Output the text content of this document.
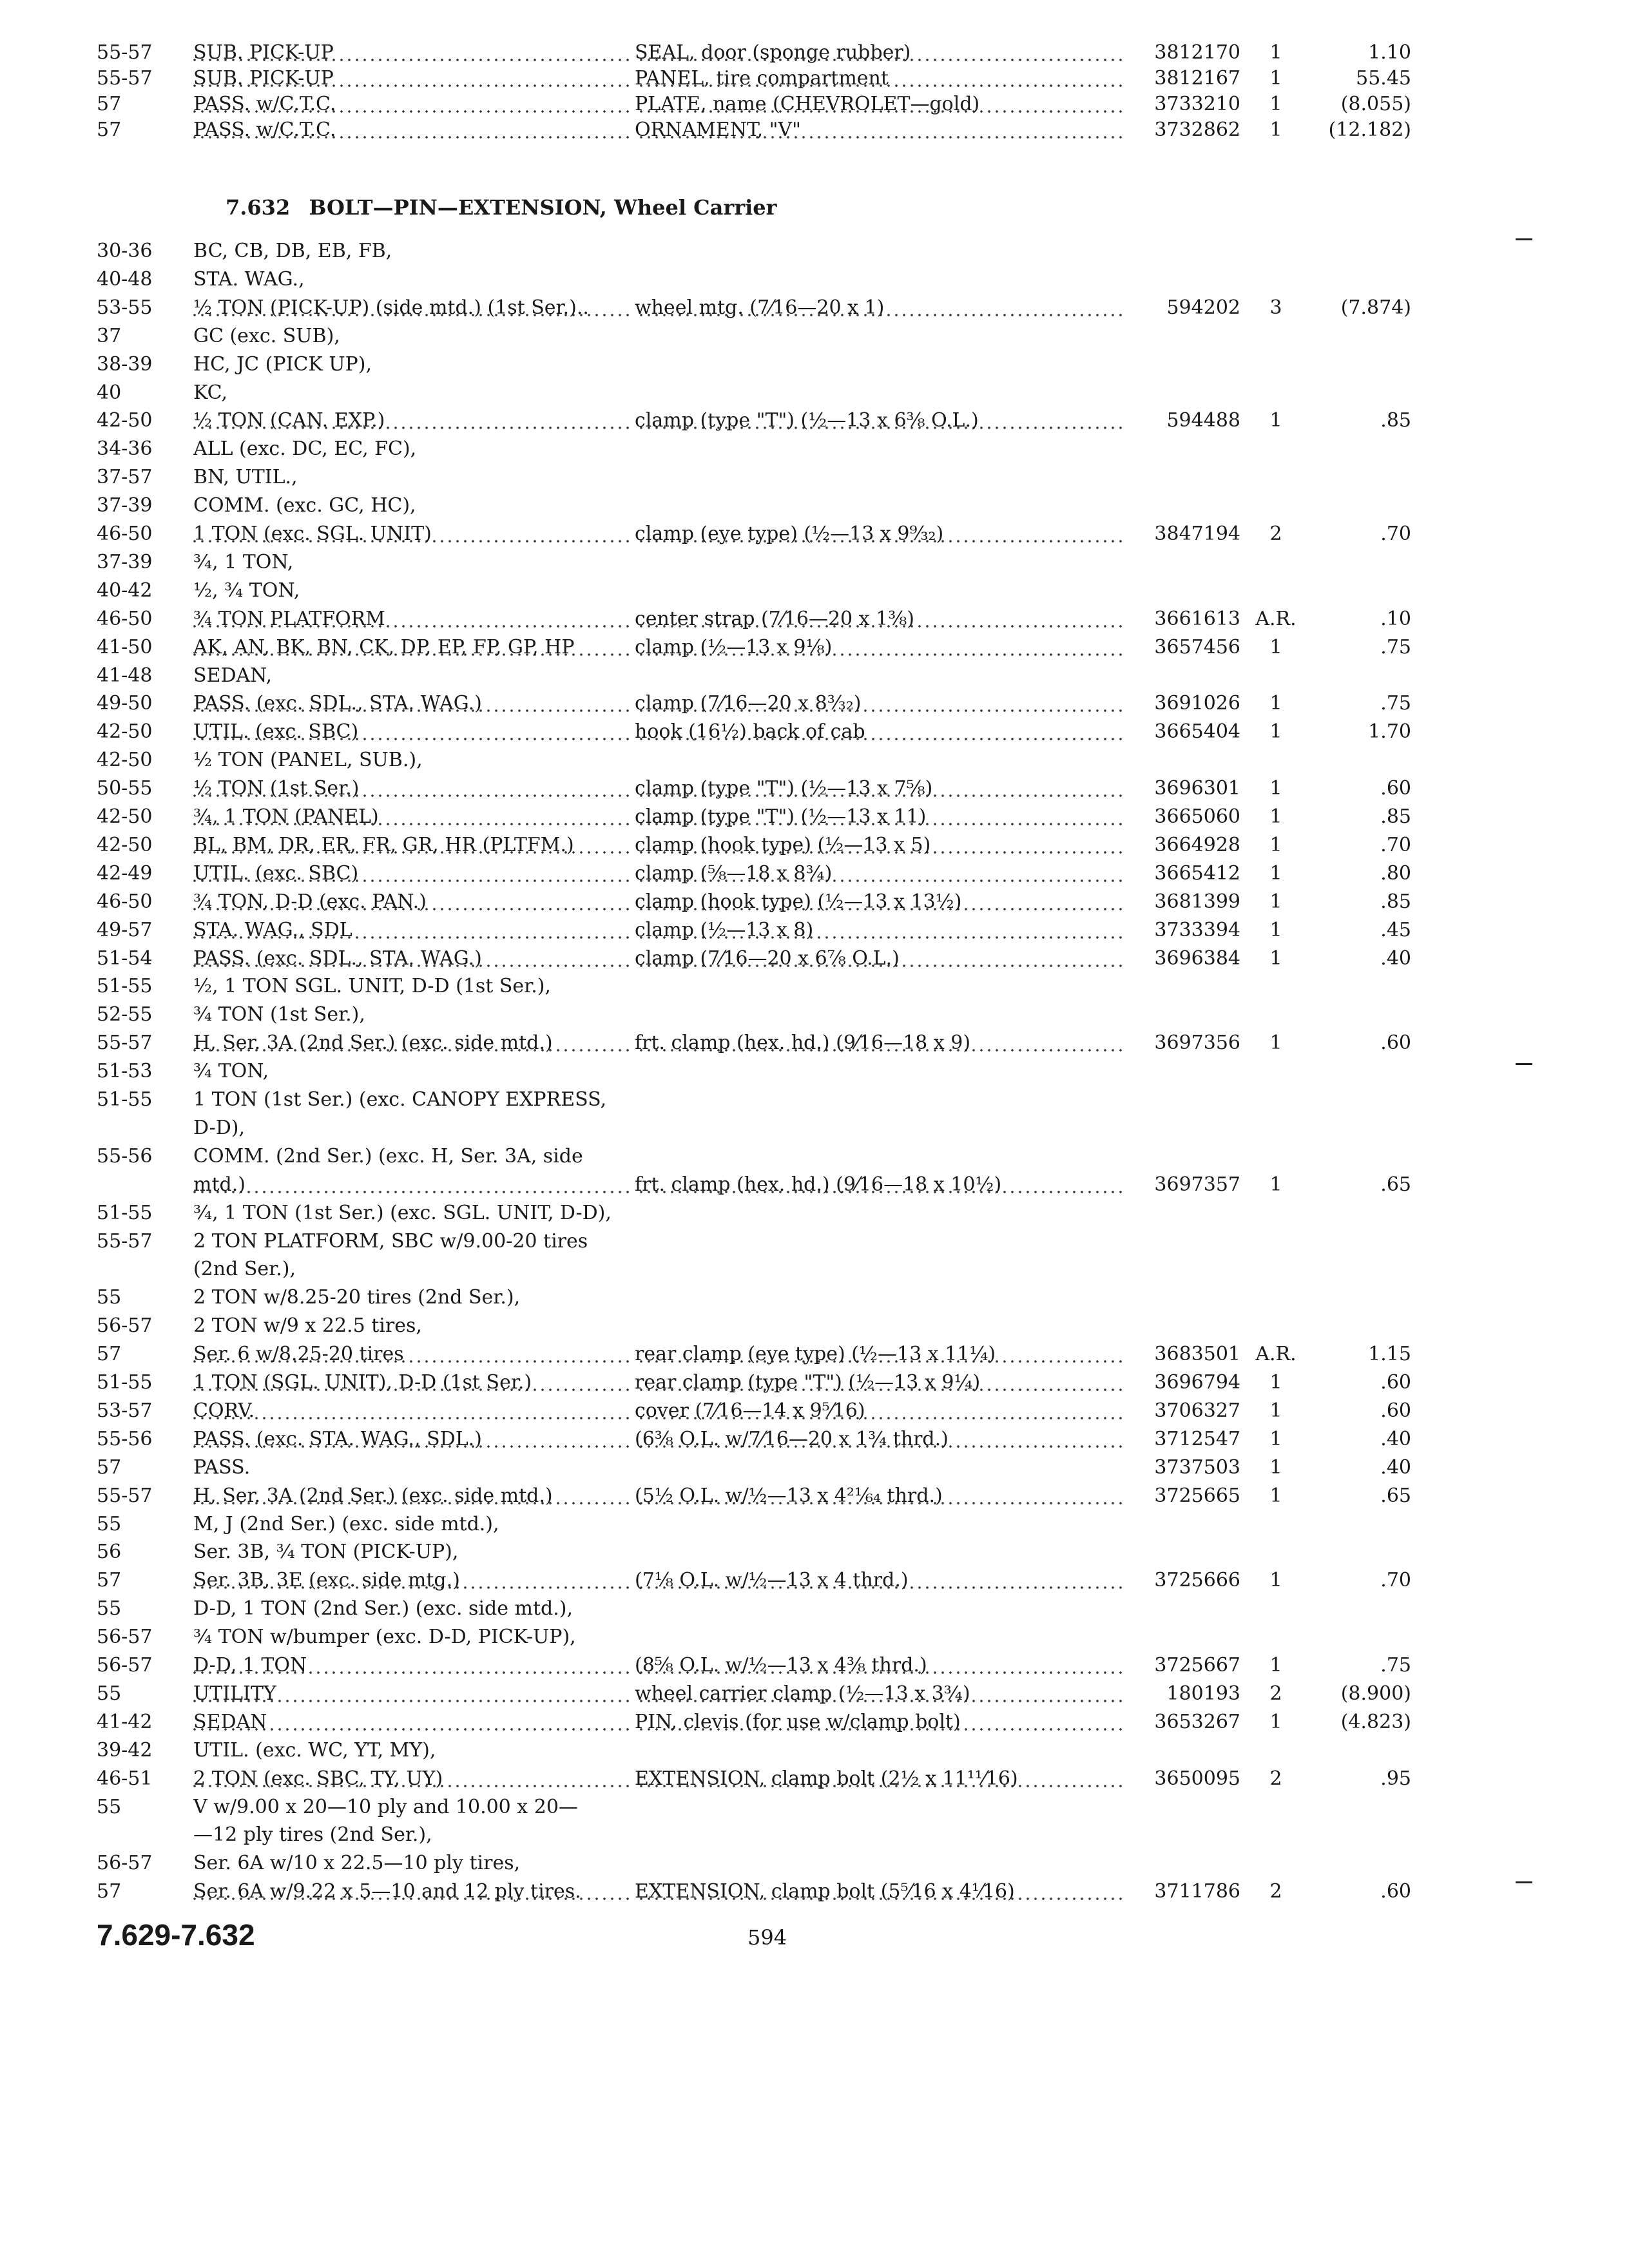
55-57	SUB. PICK-UP	SEAL, door (sponge rubber)	3812170	1	1.10
55-57	SUB. PICK-UP	PANEL, tire compartment	3812167	1	55.45
57	PASS. w/C.T.C.	PLATE, name (CHEVROLET—gold)	3733210	1	(8.055)
57	PASS. w/C.T.C.	ORNAMENT, "V"	3732862	1	(12.182)
7.632 BOLT—PIN—EXTENSION, Wheel Carrier
30-36	BC, CB, DB, EB, FB,
40-48	STA. WAG.,
53-55	½ TON (PICK-UP) (side mtd.) (1st Ser.)..	wheel mtg. (7⁄16—20 x 1)	594202	3	(7.874)
37	GC (exc. SUB),
38-39	HC, JC (PICK UP),
40	KC,
42-50	½ TON (CAN. EXP.)	clamp (type "T") (½—13 x 6⅜ O.L.)	594488	1	.85
34-36	ALL (exc. DC, EC, FC),
37-57	BN, UTIL.,
37-39	COMM. (exc. GC, HC),
46-50	1 TON (exc. SGL. UNIT)	clamp (eye type) (½—13 x 9⁹⁄₃₂)	3847194	2	.70
37-39	¾, 1 TON,
40-42	½, ¾ TON,
46-50	¾ TON PLATFORM	center strap (7⁄16—20 x 1⅜)	3661613 A.R.	.10
41-50	AK, AN, BK, BN, CK, DP, EP, FP, GP, HP	clamp (½—13 x 9⅛)	3657456	1	.75
41-48	SEDAN,
49-50	PASS. (exc. SDL., STA. WAG.)	clamp (7⁄16—20 x 8³⁄₃₂)	3691026	1	.75
42-50	UTIL. (exc. SBC)	hook (16½) back of cab	3665404	1	1.70
42-50	½ TON (PANEL, SUB.),
50-55	½ TON (1st Ser.)	clamp (type "T") (½—13 x 7⅝)	3696301	1	.60
42-50	¾, 1 TON (PANEL)	clamp (type "T") (½—13 x 11)	3665060	1	.85
42-50	BL, BM, DR, ER, FR, GR, HR (PLTFM.)	clamp (hook type) (½—13 x 5)	3664928	1	.70
42-49	UTIL. (exc. SBC)	clamp (⅝—18 x 8¾)	3665412	1	.80
46-50	¾ TON, D-D (exc. PAN.)	clamp (hook type) (½—13 x 13½)	3681399	1	.85
49-57	STA. WAG., SDL	clamp (½—13 x 8)	3733394	1	.45
51-54	PASS. (exc. SDL., STA. WAG.)	clamp (7⁄16—20 x 6⅞ O.L.)	3696384	1	.40
51-55	½, 1 TON SGL. UNIT, D-D (1st Ser.),
52-55	¾ TON (1st Ser.),
55-57	H, Ser. 3A (2nd Ser.) (exc. side mtd.)	frt. clamp (hex. hd.) (9⁄16—18 x 9)	3697356	1	.60
51-53	¾ TON,
51-55	1 TON (1st Ser.) (exc. CANOPY EXPRESS,
D-D),
55-56	COMM. (2nd Ser.) (exc. H, Ser. 3A, side
mtd.)	frt. clamp (hex. hd.) (9⁄16—18 x 10½)	3697357	1	.65
51-55	¾, 1 TON (1st Ser.) (exc. SGL. UNIT, D-D),
55-57	2 TON PLATFORM, SBC w/9.00-20 tires
(2nd Ser.),
55	2 TON w/8.25-20 tires (2nd Ser.),
56-57	2 TON w/9 x 22.5 tires,
57	Ser. 6 w/8.25-20 tires	rear clamp (eye type) (½—13 x 11¼)	3683501 A.R.	1.15
51-55	1 TON (SGL. UNIT), D-D (1st Ser.)	rear clamp (type "T") (½—13 x 9¼)	3696794	1	.60
53-57	CORV.	cover (7⁄16—14 x 9⁵⁄16)	3706327	1	.60
55-56	PASS. (exc. STA. WAG., SDL.)	(6⅜ O.L. w/7⁄16—20 x 1¾ thrd.)	3712547	1	.40
57	PASS.	3737503	1	.40
55-57	H, Ser. 3A (2nd Ser.) (exc. side mtd.)	(5½ O.L. w/½—13 x 4²¹⁄₆₄ thrd.)	3725665	1	.65
55	M, J (2nd Ser.) (exc. side mtd.),
56	Ser. 3B, ¾ TON (PICK-UP),
57	Ser. 3B, 3E (exc. side mtg.)	(7⅛ O.L. w/½—13 x 4 thrd.)	3725666	1	.70
55	D-D, 1 TON (2nd Ser.) (exc. side mtd.),
56-57	¾ TON w/bumper (exc. D-D, PICK-UP),
56-57	D-D, 1 TON	(8⅝ O.L. w/½—13 x 4⅜ thrd.)	3725667	1	.75
55	UTILITY	wheel carrier clamp (½—13 x 3¾)	180193	2	(8.900)
41-42	SEDAN	PIN, clevis (for use w/clamp bolt)	3653267	1	(4.823)
39-42	UTIL. (exc. WC, YT, MY),
46-51	2 TON (exc. SBC, TY, UY)	EXTENSION, clamp bolt (2½ x 11¹¹⁄16)	3650095	2	.95
55	V w/9.00 x 20—10 ply and 10.00 x 20—
—12 ply tires (2nd Ser.),
56-57	Ser. 6A w/10 x 22.5—10 ply tires,
57	Ser. 6A w/9.22 x 5—10 and 12 ply tires.	EXTENSION, clamp bolt (5⁵⁄16 x 4¹⁄16)	3711786	2	.60
7.629-7.632	594
